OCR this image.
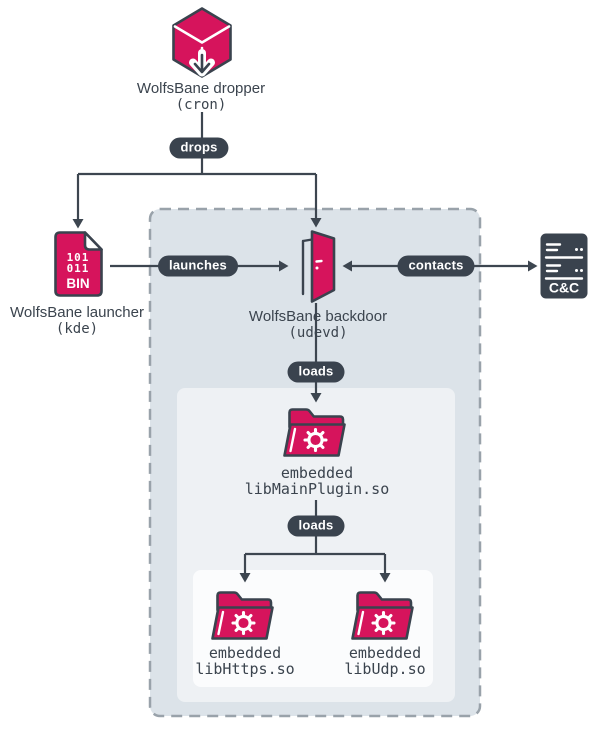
101
011
BIN	C&C
drops
launches	contacts
loads
loads
WolfsBane dropper
(cron)
WolfsBane launcher
(kde)
WolfsBane backdoor
(udevd)
embedded
libMainPlugin.so
embedded
libHttps.so
embedded
libUdp.so
